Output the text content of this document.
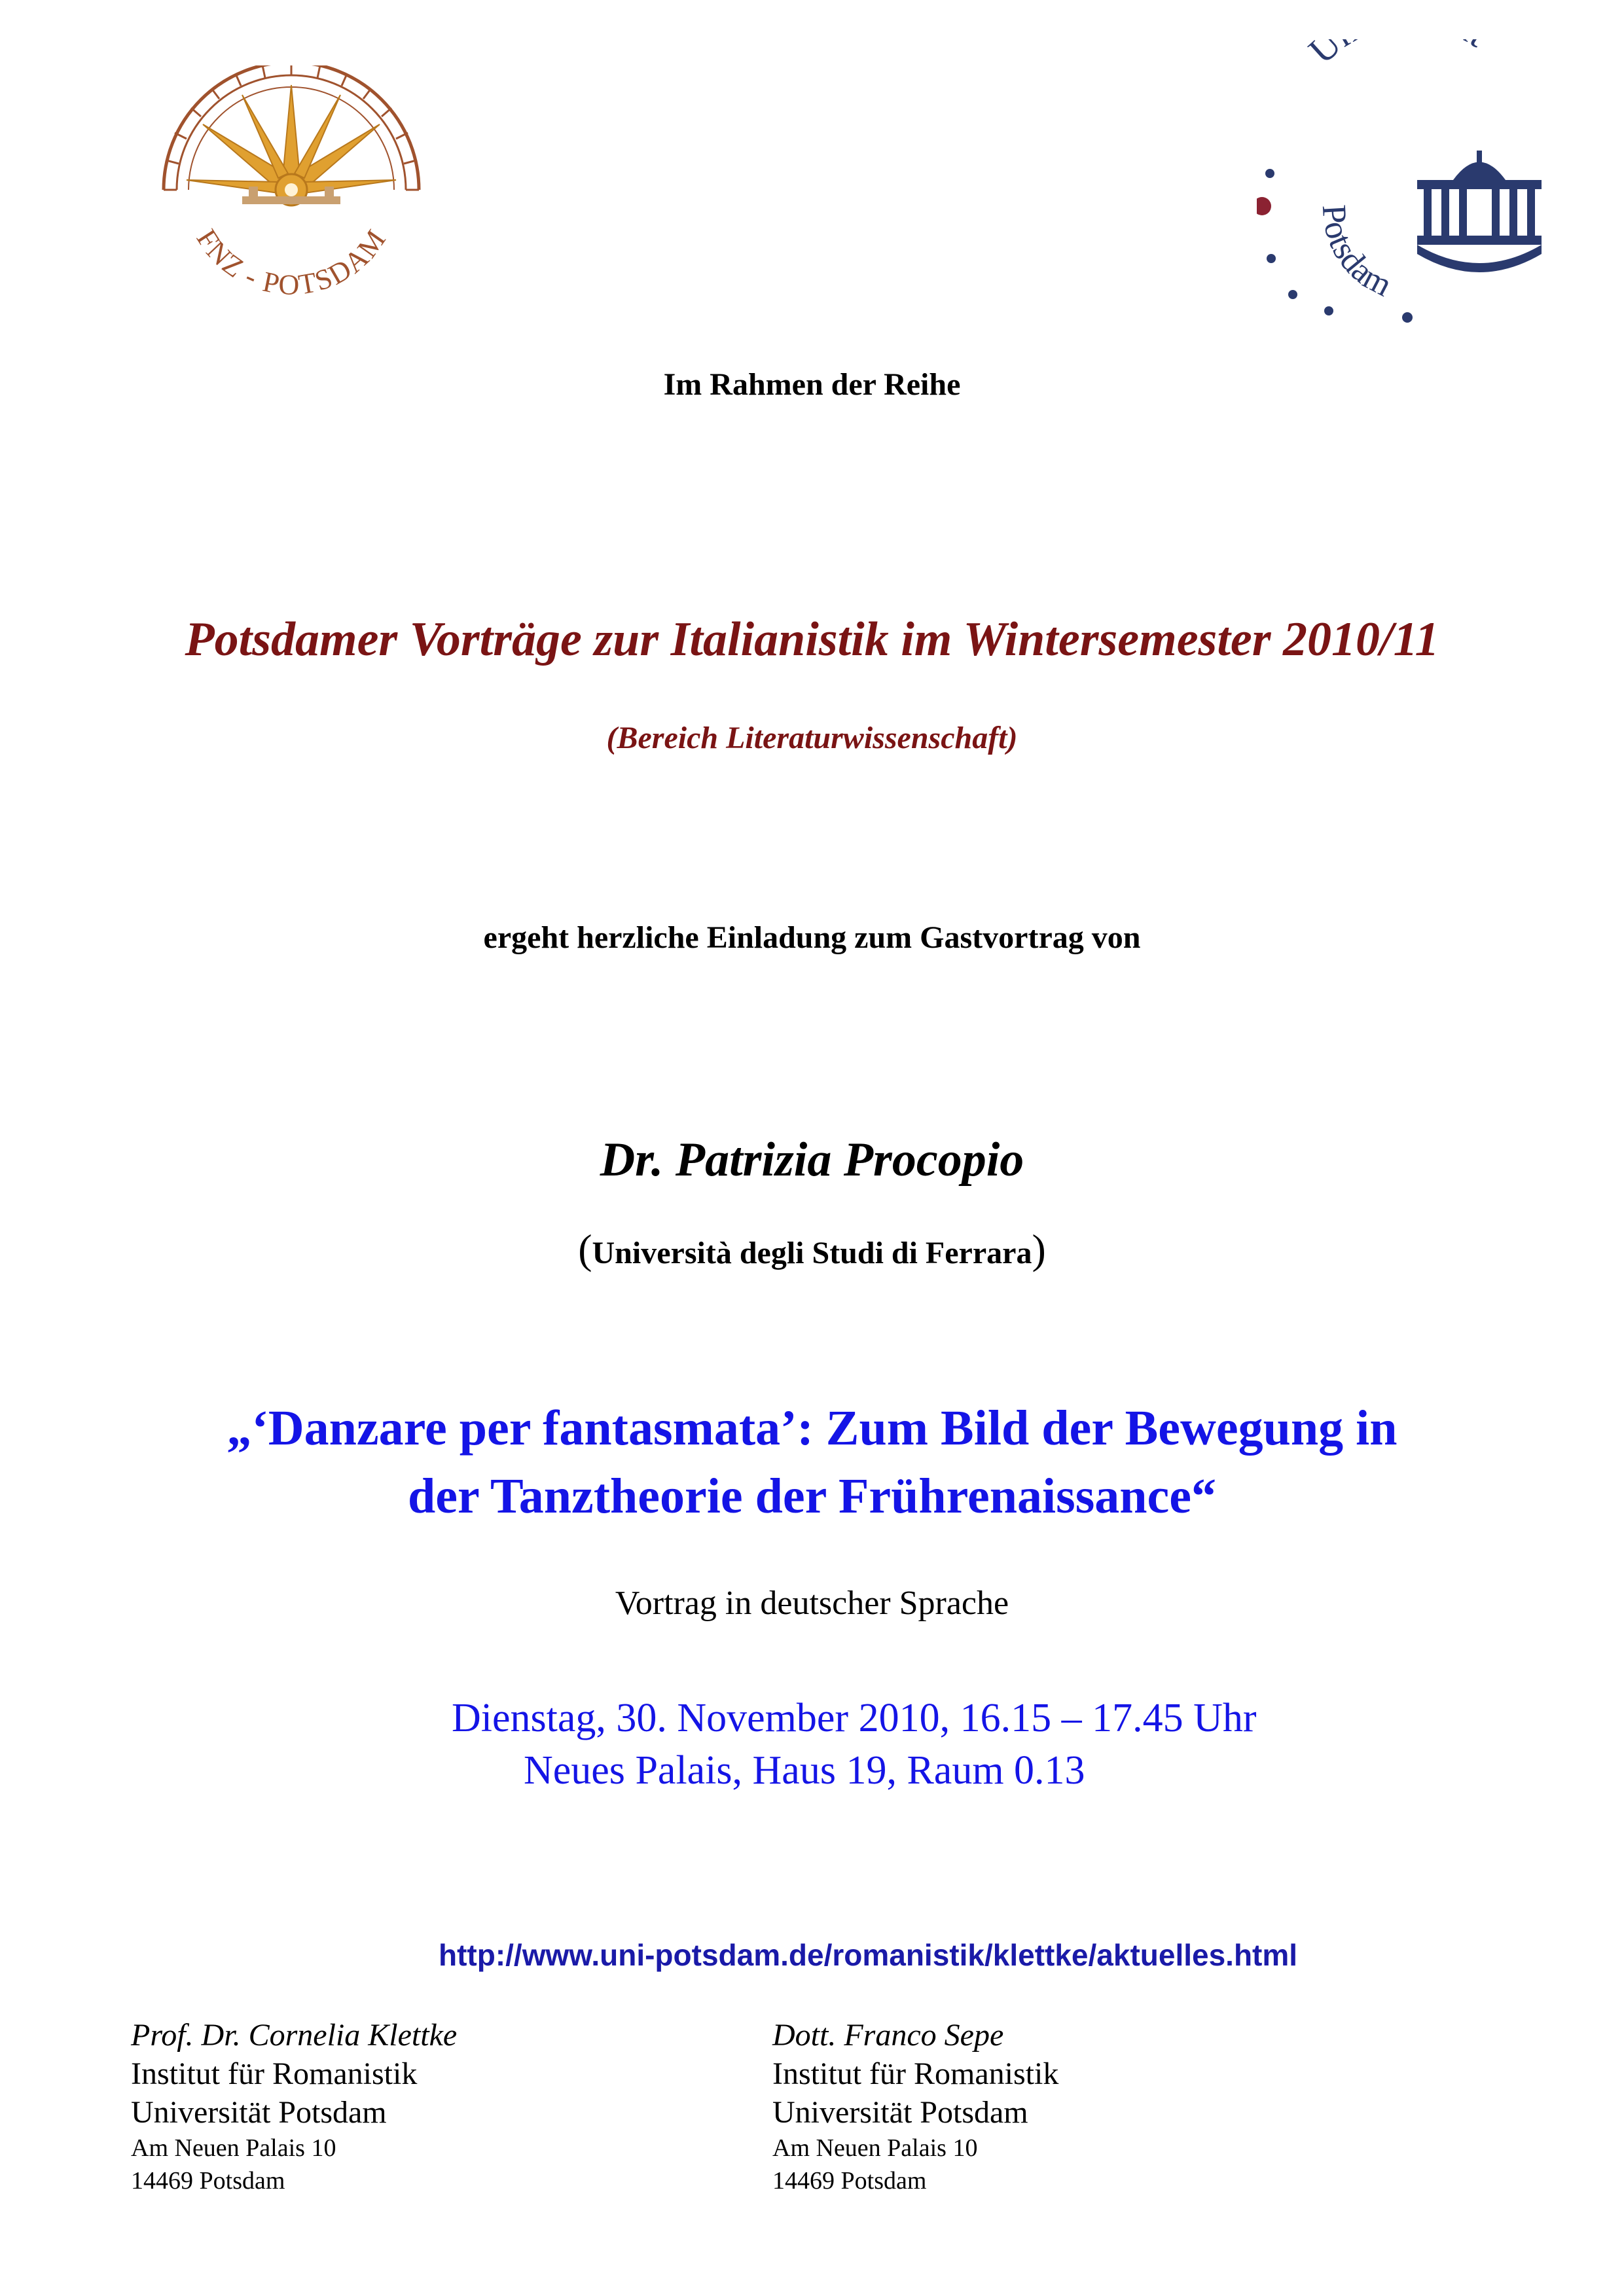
FNZ - POTSDAM
U
Potsdam
Im Rahmen der Reihe
Potsdamer Vorträge zur Italianistik im Wintersemester 2010/11
(Bereich Literaturwissenschaft)
ergeht herzliche Einladung zum Gastvortrag von
Dr. Patrizia Procopio
(Università degli Studi di Ferrara)
„‘Danzare per fantasmata’: Zum Bild der Bewegung in
der Tanztheorie der Frührenaissance“
Vortrag in deutscher Sprache
Dienstag, 30. November 2010, 16.15 – 17.45 Uhr
Neues Palais, Haus 19, Raum 0.13
http://www.uni-potsdam.de/romanistik/klettke/aktuelles.html
Prof. Dr. Cornelia Klettke
Institut für Romanistik
Universität Potsdam
Am Neuen Palais 10
14469 Potsdam
Dott. Franco Sepe
Institut für Romanistik
Universität Potsdam
Am Neuen Palais 10
14469 Potsdam
